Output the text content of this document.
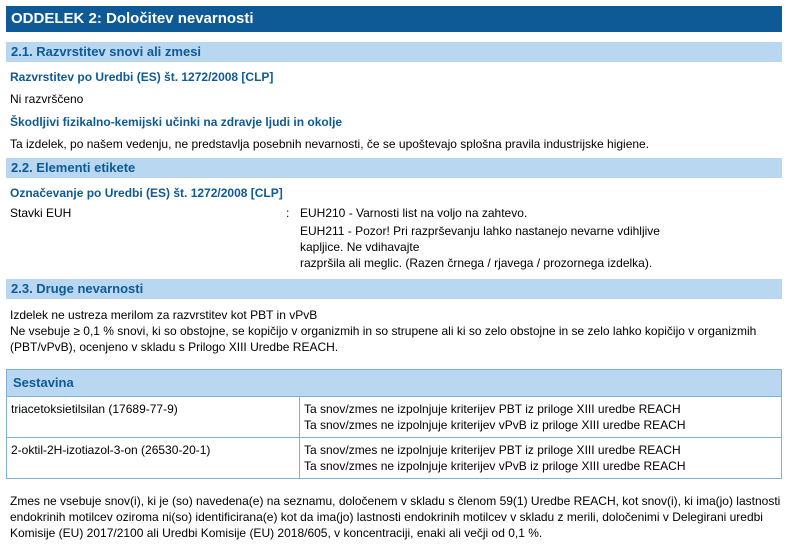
ODDELEK 2: Določitev nevarnosti
2.1. Razvrstitev snovi ali zmesi
Razvrstitev po Uredbi (ES) št. 1272/2008 [CLP]
Ni razvrščeno
Škodljivi fizikalno-kemijski učinki na zdravje ljudi in okolje
Ta izdelek, po našem vedenju, ne predstavlja posebnih nevarnosti, če se upoštevajo splošna pravila industrijske higiene.
2.2. Elementi etikete
Označevanje po Uredbi (ES) št. 1272/2008 [CLP]
Stavki EUH	: EUH210 - Varnosti list na voljo na zahtevo.
EUH211 - Pozor! Pri razprševanju lahko nastanejo nevarne vdihljive kapljice. Ne vdihavajte
razpršila ali meglic. (Razen črnega / rjavega / prozornega izdelka).
2.3. Druge nevarnosti
Izdelek ne ustreza merilom za razvrstitev kot PBT in vPvB
Ne vsebuje ≥ 0,1 % snovi, ki so obstojne, se kopičijo v organizmih in so strupene ali ki so zelo obstojne in se zelo lahko kopičijo v organizmih
(PBT/vPvB), ocenjeno v skladu s Prilogo XIII Uredbe REACH.
Sestavina	
triacetoksietilsilan (17689-77-9)	Ta snov/zmes ne izpolnjuje kriterijev PBT iz priloge XIII uredbe REACH
Ta snov/zmes ne izpolnjuje kriterijev vPvB iz priloge XIII uredbe REACH

2-oktil-2H-izotiazol-3-on (26530-20-1)	Ta snov/zmes ne izpolnjuje kriterijev PBT iz priloge XIII uredbe REACH
Ta snov/zmes ne izpolnjuje kriterijev vPvB iz priloge XIII uredbe REACH
Zmes ne vsebuje snov(i), ki je (so) navedena(e) na seznamu, določenem v skladu s členom 59(1) Uredbe REACH, kot snov(i), ki ima(jo) lastnosti
endokrinih motilcev oziroma ni(so) identificirana(e) kot da ima(jo) lastnosti endokrinih motilcev v skladu z merili, določenimi v Delegirani uredbi
Komisije (EU) 2017/2100 ali Uredbi Komisije (EU) 2018/605, v koncentraciji, enaki ali večji od 0,1 %.
